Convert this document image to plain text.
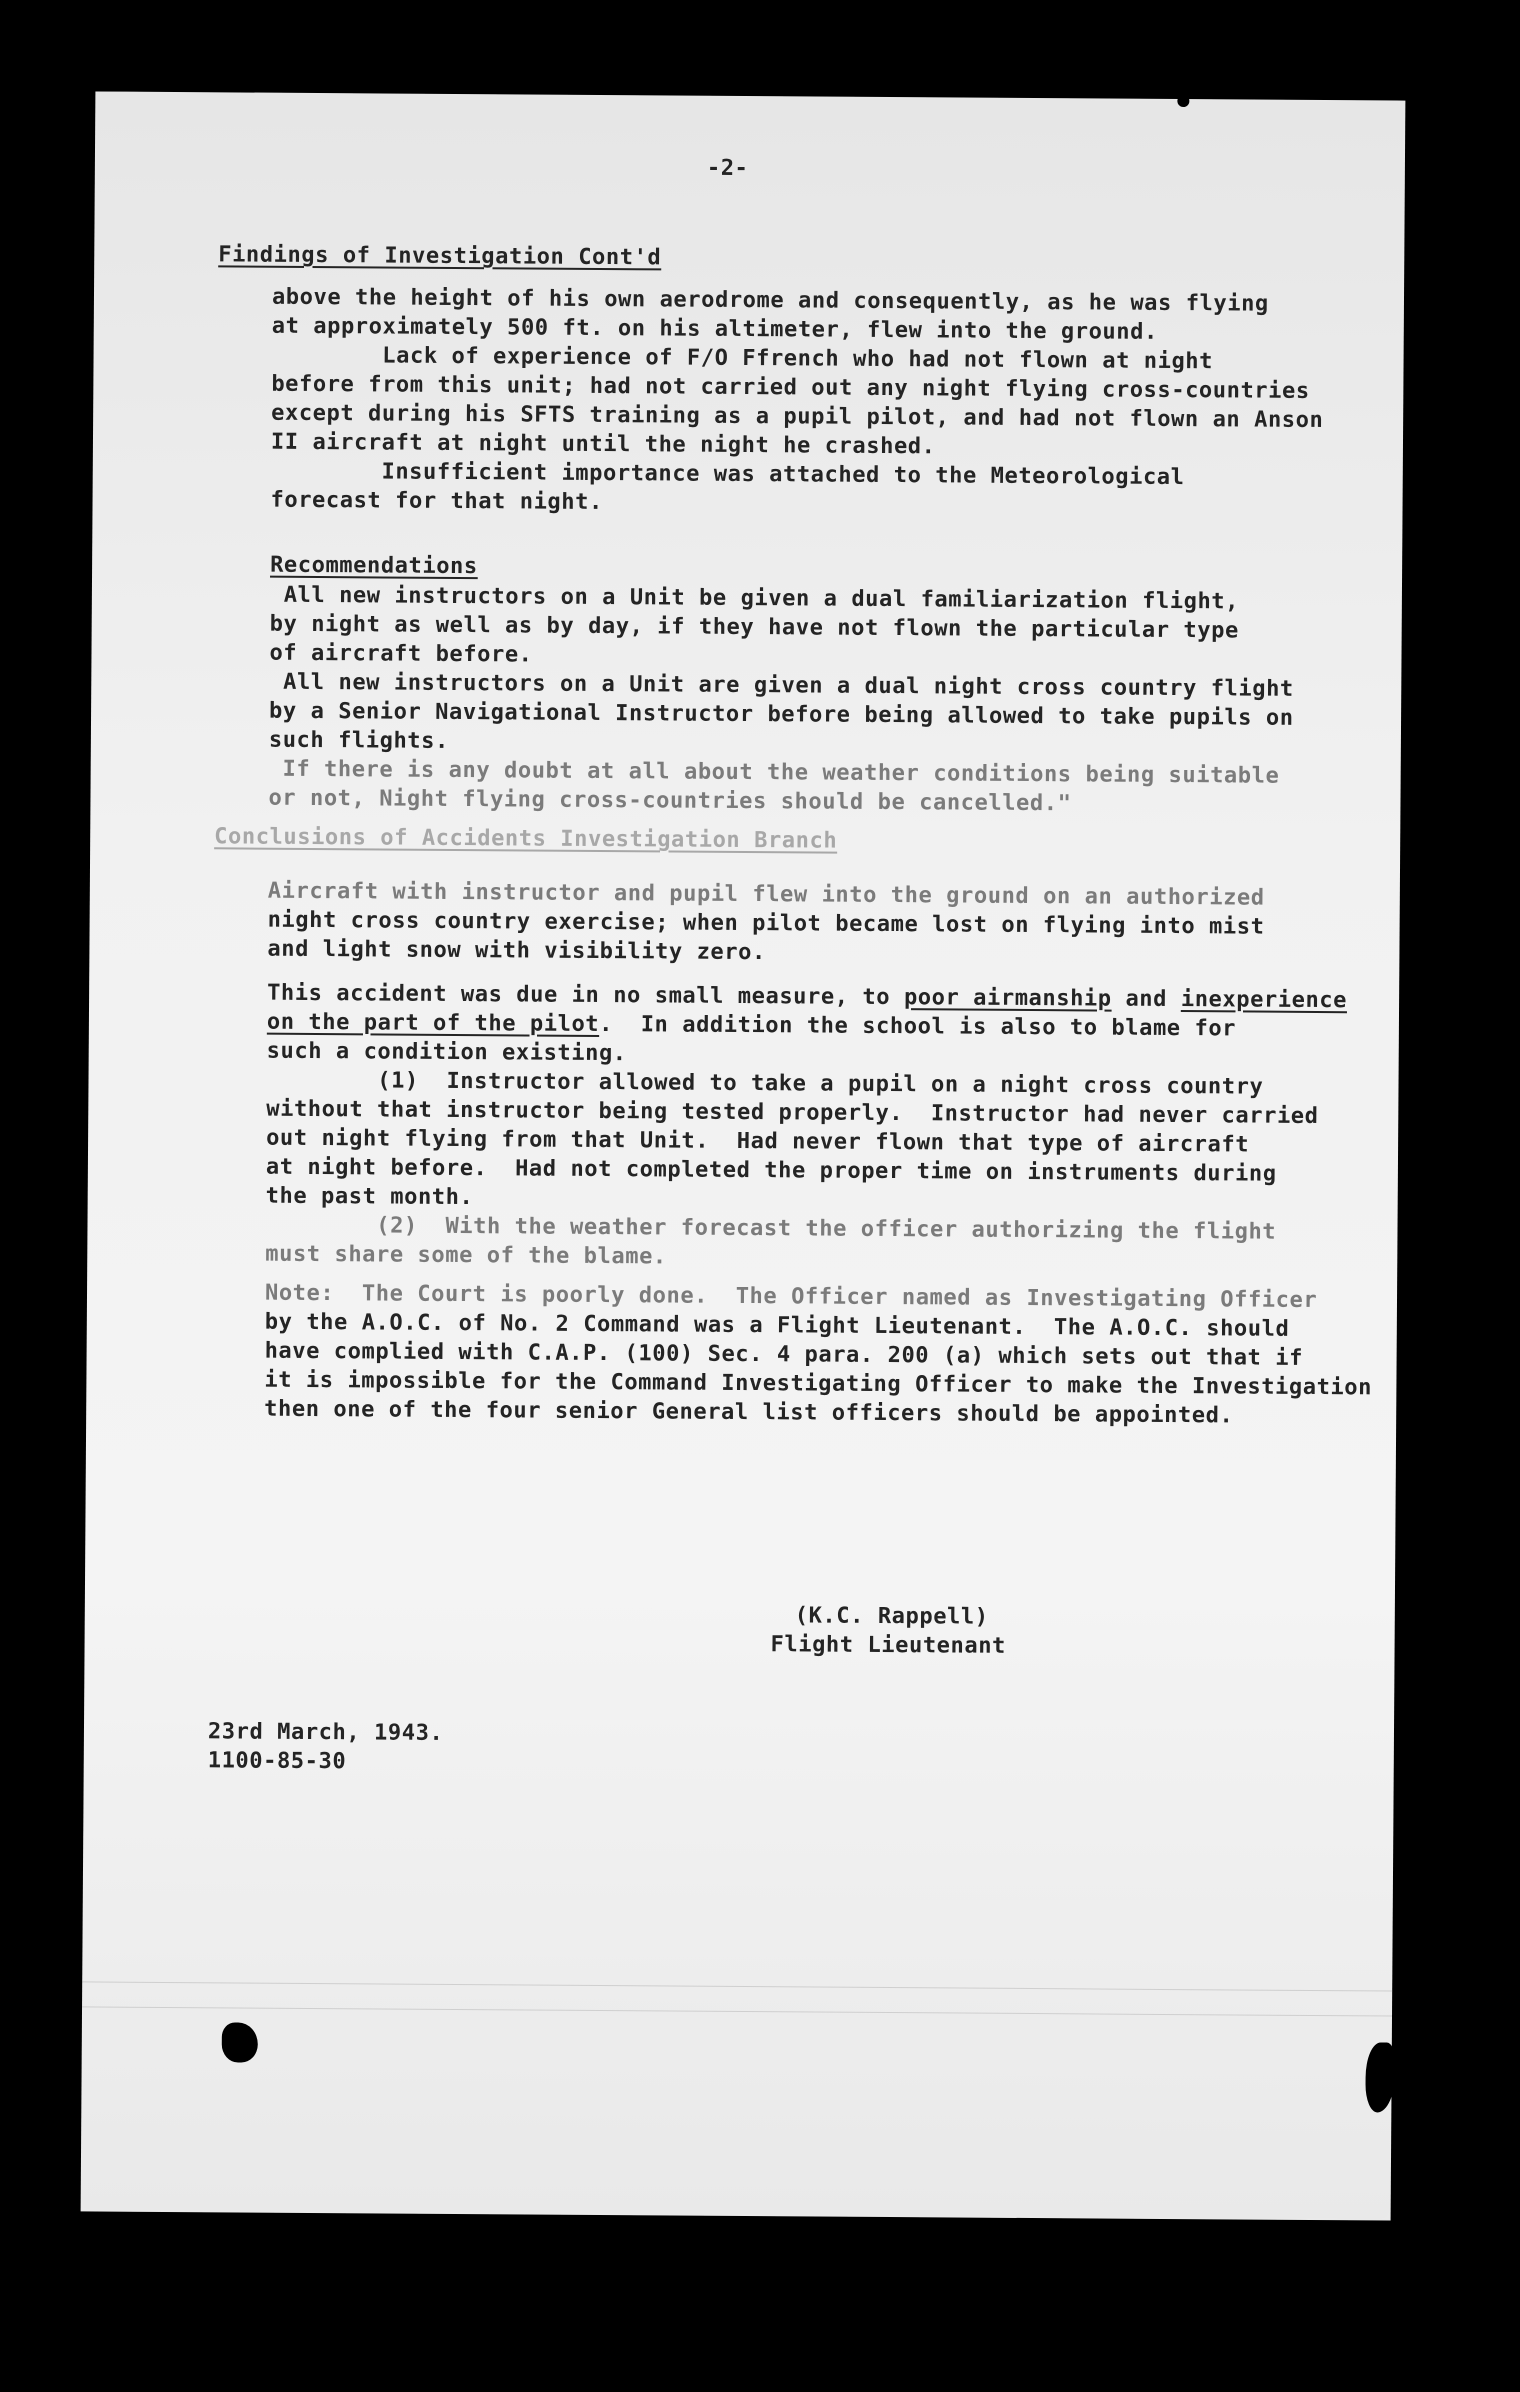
-2-
Findings of Investigation Cont'd
above the height of his own aerodrome and consequently, as he was flying
at approximately 500 ft. on his altimeter, flew into the ground.
Lack of experience of F/O Ffrench who had not flown at night
before from this unit; had not carried out any night flying cross-countries
except during his SFTS training as a pupil pilot, and had not flown an Anson
II aircraft at night until the night he crashed.
Insufficient importance was attached to the Meteorological
forecast for that night.
Recommendations
All new instructors on a Unit be given a dual familiarization flight,
by night as well as by day, if they have not flown the particular type
of aircraft before.
All new instructors on a Unit are given a dual night cross country flight
by a Senior Navigational Instructor before being allowed to take pupils on
such flights.
If there is any doubt at all about the weather conditions being suitable
or not, Night flying cross-countries should be cancelled."
Conclusions of Accidents Investigation Branch
Aircraft with instructor and pupil flew into the ground on an authorized
night cross country exercise; when pilot became lost on flying into mist
and light snow with visibility zero.
This accident was due in no small measure, to poor airmanship and inexperience
on the part of the pilot.  In addition the school is also to blame for
such a condition existing.
(1)  Instructor allowed to take a pupil on a night cross country
without that instructor being tested properly.  Instructor had never carried
out night flying from that Unit.  Had never flown that type of aircraft
at night before.  Had not completed the proper time on instruments during
the past month.
(2)  With the weather forecast the officer authorizing the flight
must share some of the blame.
Note:  The Court is poorly done.  The Officer named as Investigating Officer
by the A.O.C. of No. 2 Command was a Flight Lieutenant.  The A.O.C. should
have complied with C.A.P. (100) Sec. 4 para. 200 (a) which sets out that if
it is impossible for the Command Investigating Officer to make the Investigation
then one of the four senior General list officers should be appointed.
(K.C. Rappell)
Flight Lieutenant
23rd March, 1943.
1100-85-30
